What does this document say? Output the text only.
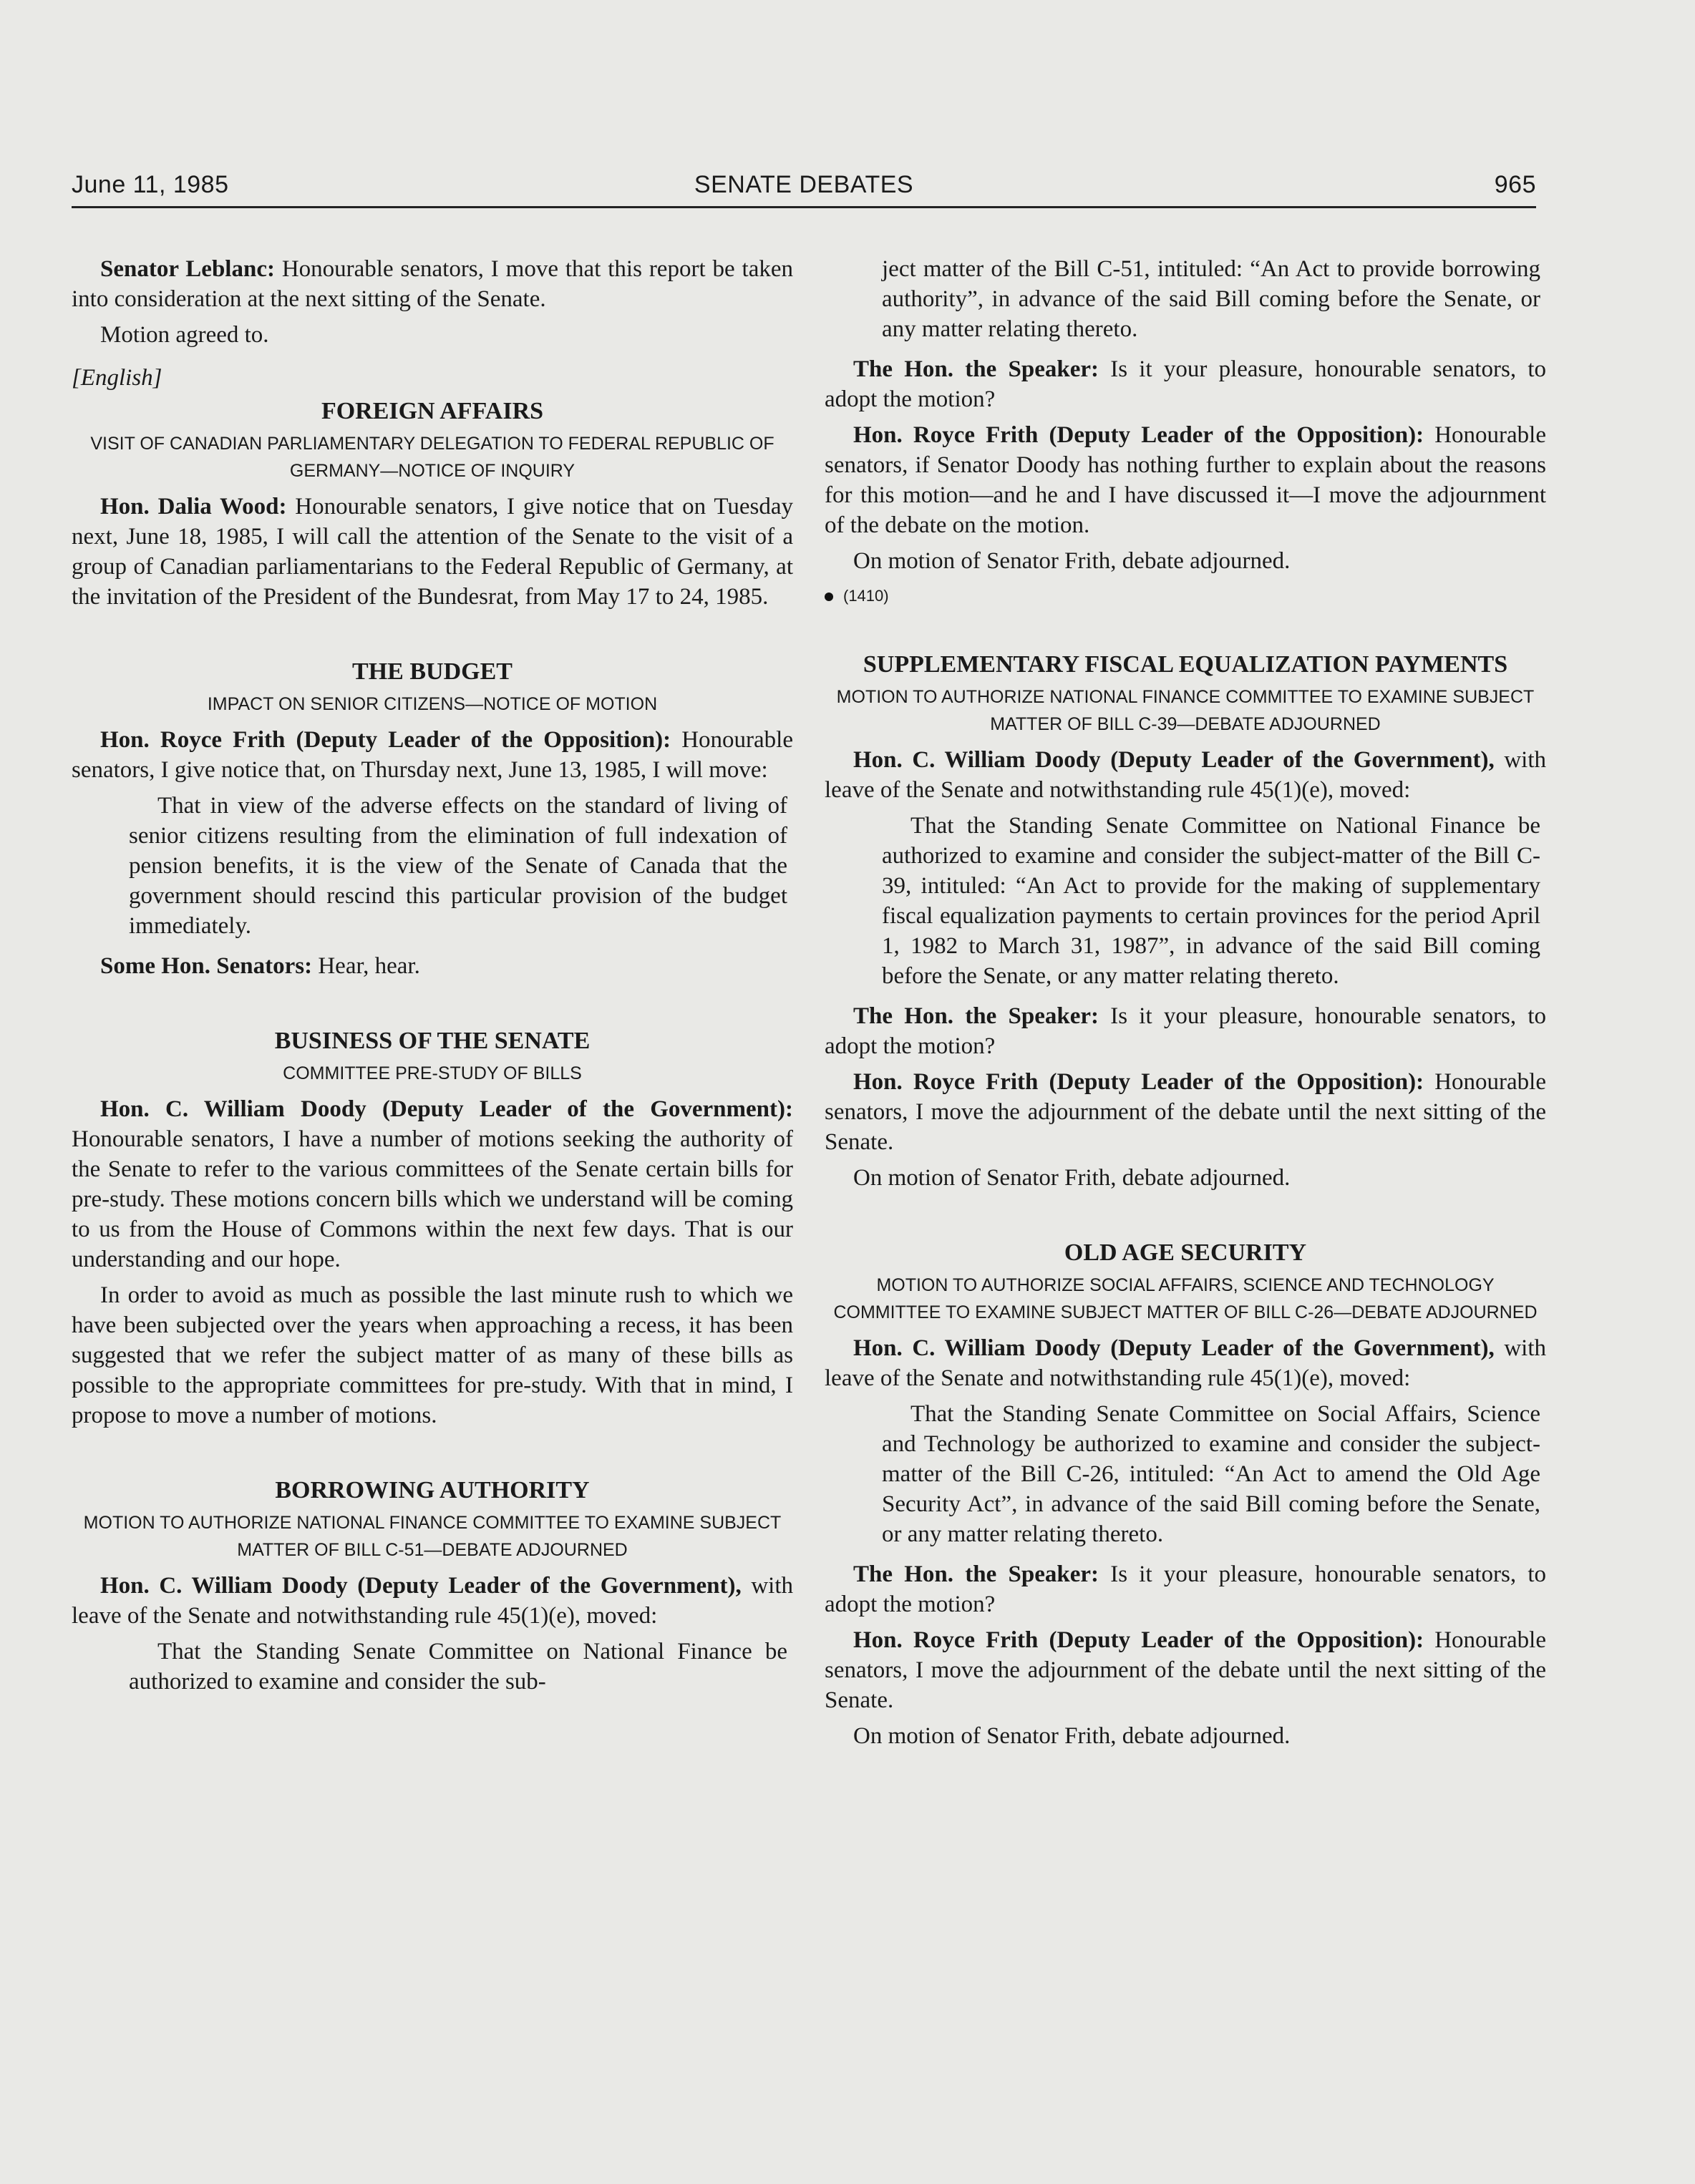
June 11, 1985	SENATE DEBATES	965

Senator Leblanc: Honourable senators, I move that this report be taken into consideration at the next sitting of the Senate.

Motion agreed to.

[English]

FOREIGN AFFAIRS
VISIT OF CANADIAN PARLIAMENTARY DELEGATION TO FEDERAL REPUBLIC OF GERMANY—NOTICE OF INQUIRY

Hon. Dalia Wood: Honourable senators, I give notice that on Tuesday next, June 18, 1985, I will call the attention of the Senate to the visit of a group of Canadian parliamentarians to the Federal Republic of Germany, at the invitation of the President of the Bundesrat, from May 17 to 24, 1985.

THE BUDGET
IMPACT ON SENIOR CITIZENS—NOTICE OF MOTION

Hon. Royce Frith (Deputy Leader of the Opposition): Honourable senators, I give notice that, on Thursday next, June 13, 1985, I will move:

That in view of the adverse effects on the standard of living of senior citizens resulting from the elimination of full indexation of pension benefits, it is the view of the Senate of Canada that the government should rescind this particular provision of the budget immediately.

Some Hon. Senators: Hear, hear.

BUSINESS OF THE SENATE
COMMITTEE PRE-STUDY OF BILLS

Hon. C. William Doody (Deputy Leader of the Government): Honourable senators, I have a number of motions seeking the authority of the Senate to refer to the various committees of the Senate certain bills for pre-study. These motions concern bills which we understand will be coming to us from the House of Commons within the next few days. That is our understanding and our hope.

In order to avoid as much as possible the last minute rush to which we have been subjected over the years when approaching a recess, it has been suggested that we refer the subject matter of as many of these bills as possible to the appropriate committees for pre-study. With that in mind, I propose to move a number of motions.

BORROWING AUTHORITY
MOTION TO AUTHORIZE NATIONAL FINANCE COMMITTEE TO EXAMINE SUBJECT MATTER OF BILL C-51—DEBATE ADJOURNED

Hon. C. William Doody (Deputy Leader of the Government), with leave of the Senate and notwithstanding rule 45(1)(e), moved:

That the Standing Senate Committee on National Finance be authorized to examine and consider the sub-

ject matter of the Bill C-51, intituled: “An Act to provide borrowing authority”, in advance of the said Bill coming before the Senate, or any matter relating thereto.

The Hon. the Speaker: Is it your pleasure, honourable senators, to adopt the motion?

Hon. Royce Frith (Deputy Leader of the Opposition): Honourable senators, if Senator Doody has nothing further to explain about the reasons for this motion—and he and I have discussed it—I move the adjournment of the debate on the motion.

On motion of Senator Frith, debate adjourned.

(1410)
SUPPLEMENTARY FISCAL EQUALIZATION PAYMENTS
MOTION TO AUTHORIZE NATIONAL FINANCE COMMITTEE TO EXAMINE SUBJECT MATTER OF BILL C-39—DEBATE ADJOURNED

Hon. C. William Doody (Deputy Leader of the Government), with leave of the Senate and notwithstanding rule 45(1)(e), moved:

That the Standing Senate Committee on National Finance be authorized to examine and consider the subject-matter of the Bill C-39, intituled: “An Act to provide for the making of supplementary fiscal equalization payments to certain provinces for the period April 1, 1982 to March 31, 1987”, in advance of the said Bill coming before the Senate, or any matter relating thereto.

The Hon. the Speaker: Is it your pleasure, honourable senators, to adopt the motion?

Hon. Royce Frith (Deputy Leader of the Opposition): Honourable senators, I move the adjournment of the debate until the next sitting of the Senate.

On motion of Senator Frith, debate adjourned.

OLD AGE SECURITY
MOTION TO AUTHORIZE SOCIAL AFFAIRS, SCIENCE AND TECHNOLOGY COMMITTEE TO EXAMINE SUBJECT MATTER OF BILL C-26—DEBATE ADJOURNED

Hon. C. William Doody (Deputy Leader of the Government), with leave of the Senate and notwithstanding rule 45(1)(e), moved:

That the Standing Senate Committee on Social Affairs, Science and Technology be authorized to examine and consider the subject-matter of the Bill C-26, intituled: “An Act to amend the Old Age Security Act”, in advance of the said Bill coming before the Senate, or any matter relating thereto.

The Hon. the Speaker: Is it your pleasure, honourable senators, to adopt the motion?

Hon. Royce Frith (Deputy Leader of the Opposition): Honourable senators, I move the adjournment of the debate until the next sitting of the Senate.

On motion of Senator Frith, debate adjourned.
